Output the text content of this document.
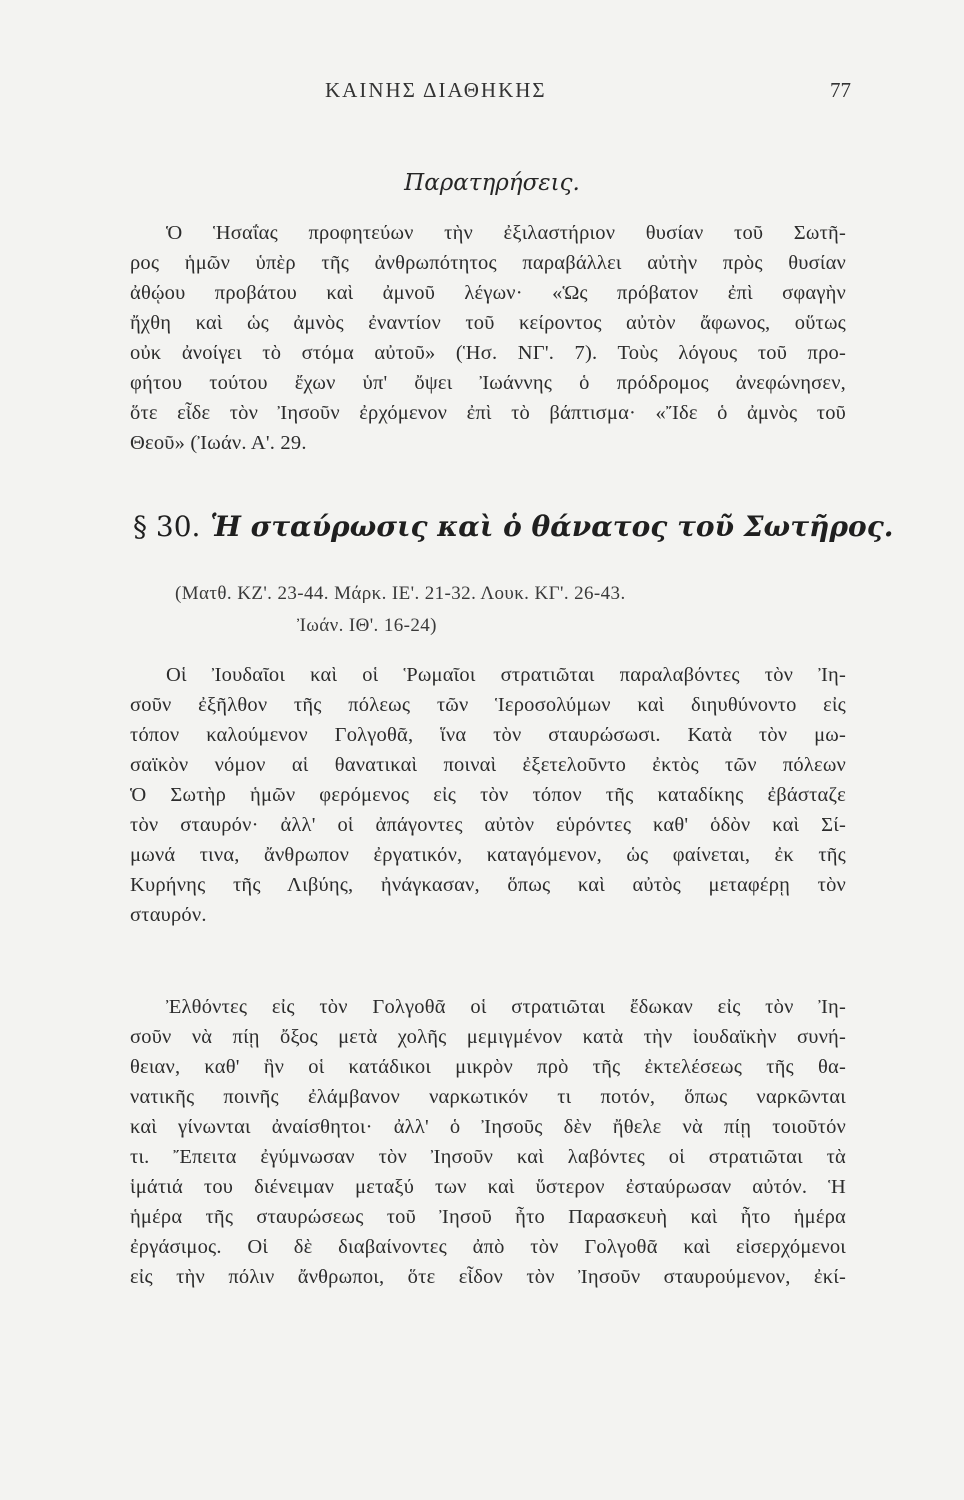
ΚΑΙΝΗΣ ΔΙΑΘΗΚΗΣ	77
Παρατηρήσεις.
Ὁ Ἡσαΐας προφητεύων τὴν ἐξιλαστήριον θυσίαν τοῦ Σωτῆ-
ρος ἡμῶν ὑπὲρ τῆς ἀνθρωπότητος παραβάλλει αὐτὴν πρὸς θυσίαν
ἀθῴου προβάτου καὶ ἀμνοῦ λέγων· «Ὡς πρόβατον ἐπὶ σφαγὴν
ἤχθη καὶ ὡς ἀμνὸς ἐναντίον τοῦ κείροντος αὐτὸν ἄφωνος, οὕτως
οὐκ ἀνοίγει τὸ στόμα αὐτοῦ» (Ἡσ. ΝΓ'. 7). Τοὺς λόγους τοῦ προ-
φήτου τούτου ἔχων ὑπ' ὄψει Ἰωάννης ὁ πρόδρομος ἀνεφώνησεν,
ὅτε εἶδε τὸν Ἰησοῦν ἐρχόμενον ἐπὶ τὸ βάπτισμα· «Ἴδε ὁ ἀμνὸς τοῦ
Θεοῦ» (Ἰωάν. Α'. 29.
§ 30. Ἡ σταύρωσις καὶ ὁ θάνατος τοῦ Σωτῆρος.
(Ματθ. ΚΖ'. 23-44. Μάρκ. ΙΕ'. 21-32. Λουκ. ΚΓ'. 26-43.
Ἰωάν. ΙΘ'. 16-24)
Οἱ Ἰουδαῖοι καὶ οἱ Ῥωμαῖοι στρατιῶται παραλαβόντες τὸν Ἰη-
σοῦν ἐξῆλθον τῆς πόλεως τῶν Ἱεροσολύμων καὶ διηυθύνοντο εἰς
τόπον καλούμενον Γολγοθᾶ, ἵνα τὸν σταυρώσωσι. Κατὰ τὸν μω-
σαϊκὸν νόμον αἱ θανατικαὶ ποιναὶ ἐξετελοῦντο ἐκτὸς τῶν πόλεων
Ὁ Σωτὴρ ἡμῶν φερόμενος εἰς τὸν τόπον τῆς καταδίκης ἐβάσταζε
τὸν σταυρόν· ἀλλ' οἱ ἀπάγοντες αὐτὸν εὑρόντες καθ' ὁδὸν καὶ Σί-
μωνά τινα, ἄνθρωπον ἐργατικόν, καταγόμενον, ὡς φαίνεται, ἐκ τῆς
Κυρήνης τῆς Λιβύης, ἠνάγκασαν, ὅπως καὶ αὐτὸς μεταφέρῃ τὸν
σταυρόν.
Ἐλθόντες εἰς τὸν Γολγοθᾶ οἱ στρατιῶται ἔδωκαν εἰς τὸν Ἰη-
σοῦν νὰ πίῃ ὄξος μετὰ χολῆς μεμιγμένον κατὰ τὴν ἰουδαϊκὴν συνή-
θειαν, καθ' ἣν οἱ κατάδικοι μικρὸν πρὸ τῆς ἐκτελέσεως τῆς θα-
νατικῆς ποινῆς ἐλάμβανον ναρκωτικόν τι ποτόν, ὅπως ναρκῶνται
καὶ γίνωνται ἀναίσθητοι· ἀλλ' ὁ Ἰησοῦς δὲν ἤθελε νὰ πίῃ τοιοῦτόν
τι. Ἔπειτα ἐγύμνωσαν τὸν Ἰησοῦν καὶ λαβόντες οἱ στρατιῶται τὰ
ἱμάτιά του διένειμαν μεταξύ των καὶ ὕστερον ἐσταύρωσαν αὐτόν. Ἡ
ἡμέρα τῆς σταυρώσεως τοῦ Ἰησοῦ ἦτο Παρασκευὴ καὶ ἦτο ἡμέρα
ἐργάσιμος. Οἱ δὲ διαβαίνοντες ἀπὸ τὸν Γολγοθᾶ καὶ εἰσερχόμενοι
εἰς τὴν πόλιν ἄνθρωποι, ὅτε εἶδον τὸν Ἰησοῦν σταυρούμενον, ἐκί-
